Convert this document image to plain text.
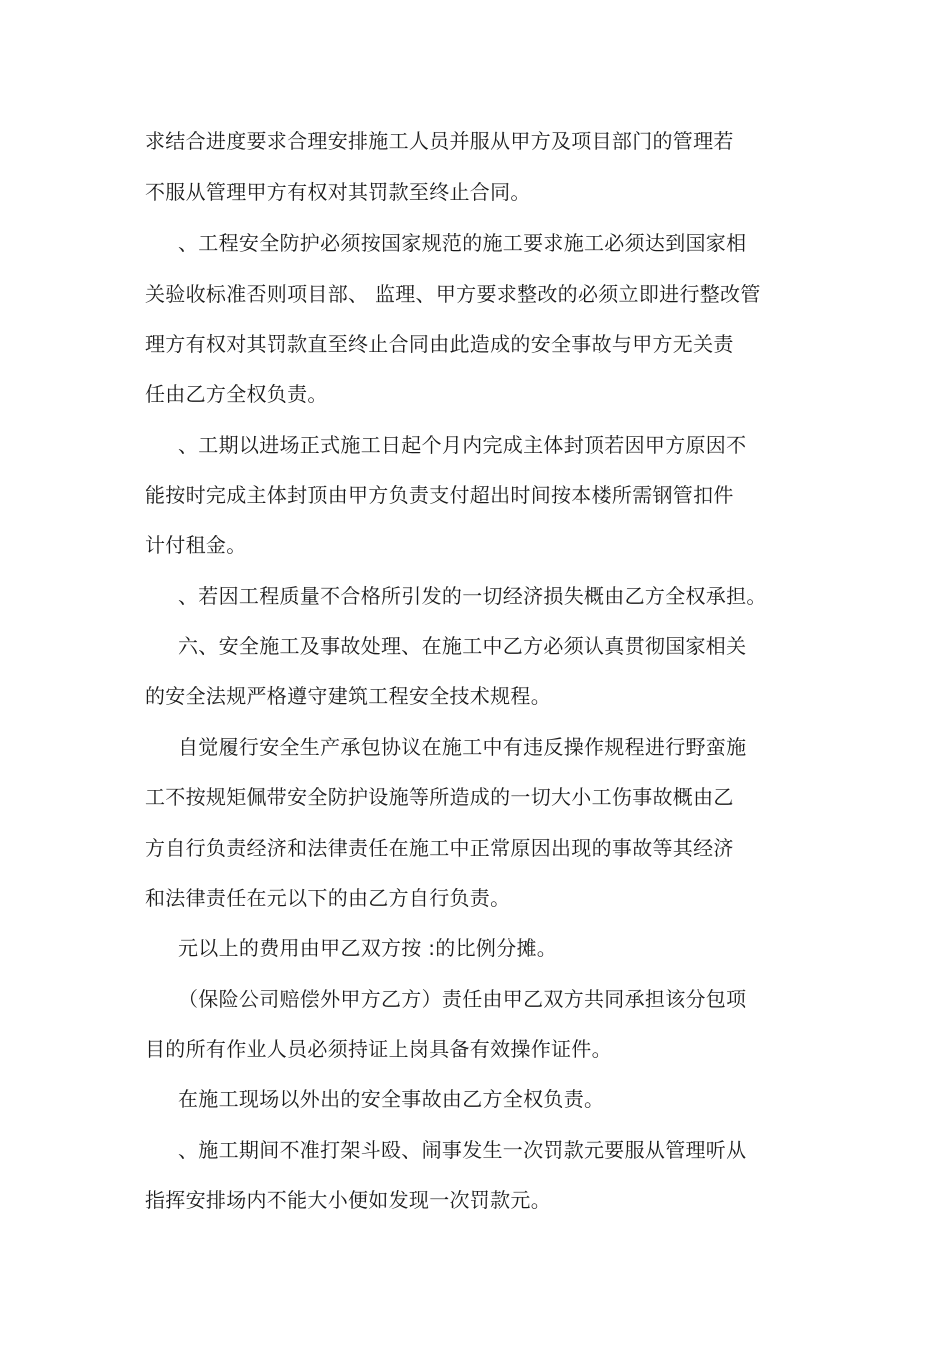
求结合进度要求合理安排施工人员并服从甲方及项目部门的管理若
不服从管理甲方有权对其罚款至终止合同。
、工程安全防护必须按国家规范的施工要求施工必须达到国家相
关验收标准否则项目部、 监理、甲方要求整改的必须立即进行整改管
理方有权对其罚款直至终止合同由此造成的安全事故与甲方无关责
任由乙方全权负责。
、工期以进场正式施工日起个月内完成主体封顶若因甲方原因不
能按时完成主体封顶由甲方负责支付超出时间按本楼所需钢管扣件
计付租金。
、若因工程质量不合格所引发的一切经济损失概由乙方全权承担。
六、安全施工及事故处理、在施工中乙方必须认真贯彻国家相关
的安全法规严格遵守建筑工程安全技术规程。
自觉履行安全生产承包协议在施工中有违反操作规程进行野蛮施
工不按规矩佩带安全防护设施等所造成的一切大小工伤事故概由乙
方自行负责经济和法律责任在施工中正常原因出现的事故等其经济
和法律责任在元以下的由乙方自行负责。
元以上的费用由甲乙双方按 :的比例分摊。
（保险公司赔偿外甲方乙方）责任由甲乙双方共同承担该分包项
目的所有作业人员必须持证上岗具备有效操作证件。
在施工现场以外出的安全事故由乙方全权负责。
、施工期间不准打架斗殴、闹事发生一次罚款元要服从管理听从
指挥安排场内不能大小便如发现一次罚款元。
